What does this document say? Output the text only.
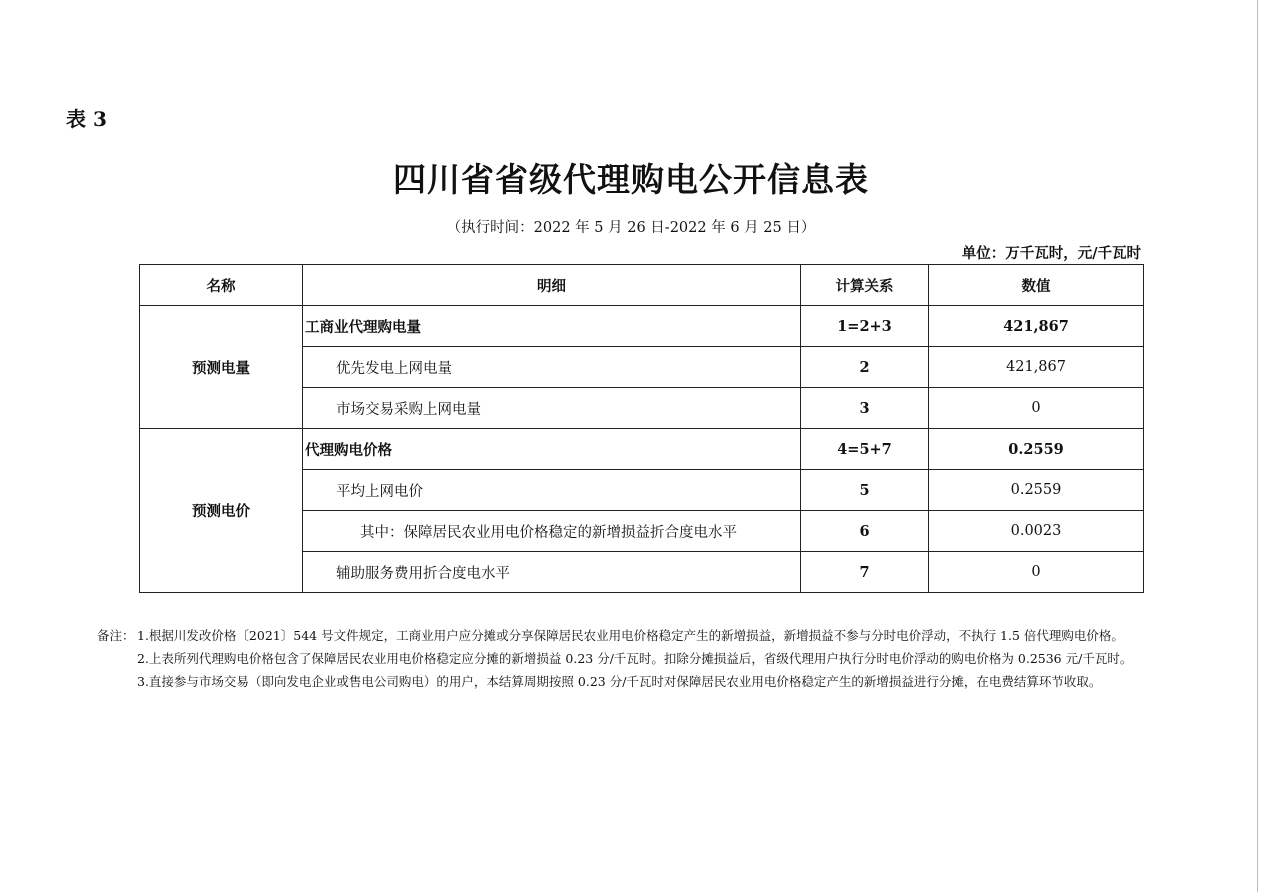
表 3
四川省省级代理购电公开信息表
（执行时间：2022 年 5 月 26 日-2022 年 6 月 25 日）
单位：万千瓦时，元/千瓦时
名称	明细	计算关系	数值
预测电量	工商业代理购电量	1=2+3	421,867
	优先发电上网电量	2	421,867
	市场交易采购上网电量	3	0
预测电价	代理购电价格	4=5+7	0.2559
	平均上网电价	5	0.2559
	其中：保障居民农业用电价格稳定的新增损益折合度电水平	6	0.0023
	辅助服务费用折合度电水平	7	0
备注： 1.根据川发改价格〔2021〕544 号文件规定，工商业用户应分摊或分享保障居民农业用电价格稳定产生的新增损益，新增损益不参与分时电价浮动，不执行 1.5 倍代理购电价格。
2.上表所列代理购电价格包含了保障居民农业用电价格稳定应分摊的新增损益 0.23 分/千瓦时。扣除分摊损益后，省级代理用户执行分时电价浮动的购电价格为 0.2536 元/千瓦时。
3.直接参与市场交易（即向发电企业或售电公司购电）的用户，本结算周期按照 0.23 分/千瓦时对保障居民农业用电价格稳定产生的新增损益进行分摊，在电费结算环节收取。
